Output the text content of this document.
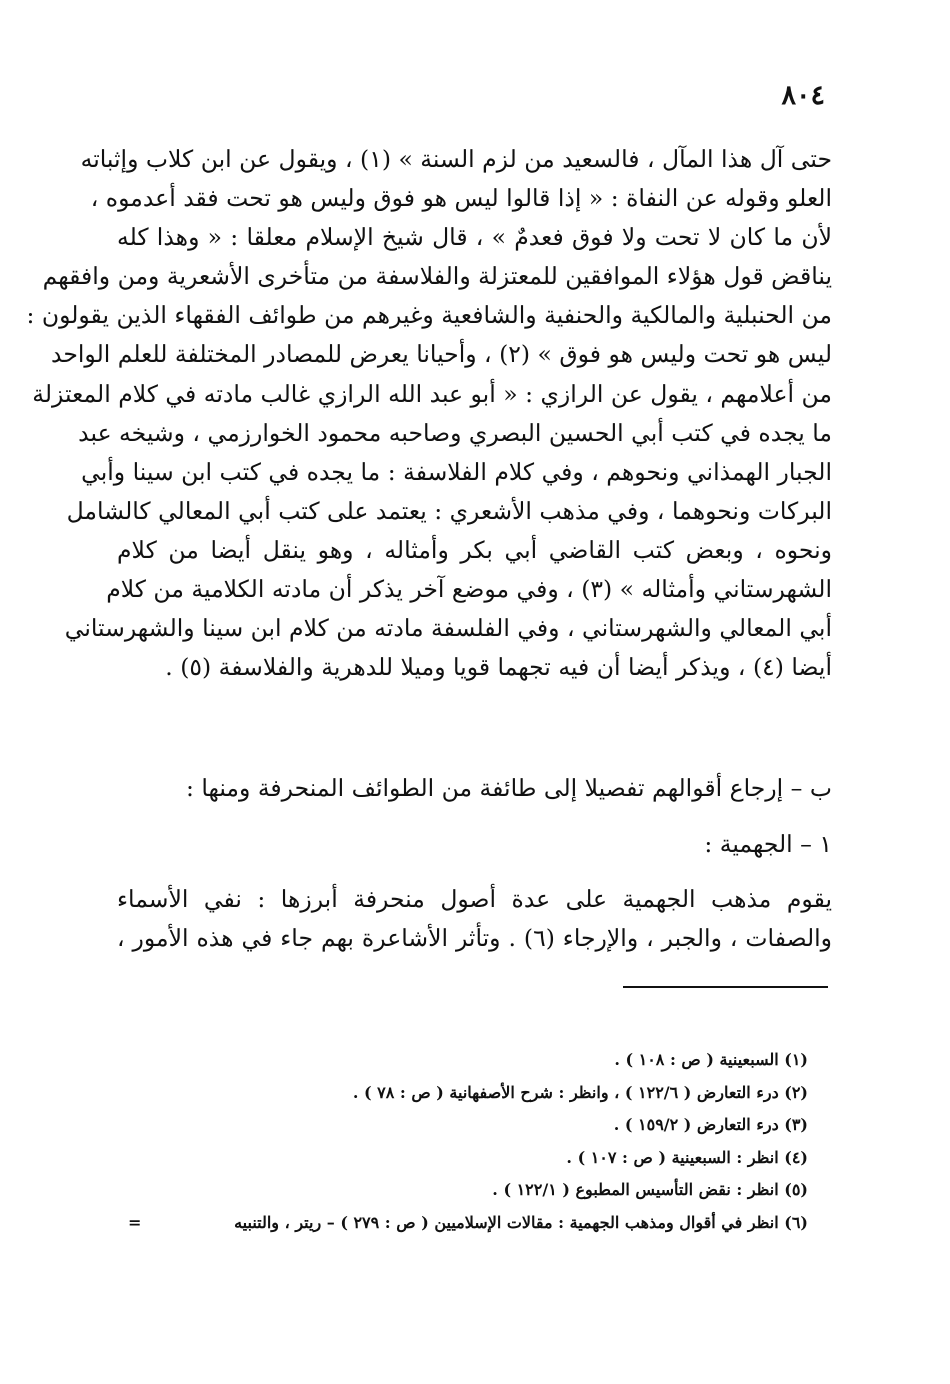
٨٠٤
حتى آل هذا المآل ، فالسعيد من لزم السنة » (١) ، ويقول عن ابن كلاب وإثباته
العلو وقوله عن النفاة : « إذا قالوا ليس هو فوق وليس هو تحت فقد أعدموه ،
لأن ما كان لا تحت ولا فوق فعدمٌ » ، قال شيخ الإسلام معلقا : « وهذا كله
يناقض قول هؤلاء الموافقين للمعتزلة والفلاسفة من متأخرى الأشعرية ومن وافقهم
من الحنبلية والمالكية والحنفية والشافعية وغيرهم من طوائف الفقهاء الذين يقولون :
ليس هو تحت وليس هو فوق » (٢) ، وأحيانا يعرض للمصادر المختلفة للعلم الواحد
من أعلامهم ، يقول عن الرازي : « أبو عبد الله الرازي غالب مادته في كلام المعتزلة
ما يجده في كتب أبي الحسين البصري وصاحبه محمود الخوارزمي ، وشيخه عبد
الجبار الهمذاني ونحوهم ، وفي كلام الفلاسفة : ما يجده في كتب ابن سينا وأبي
البركات ونحوهما ، وفي مذهب الأشعري : يعتمد على كتب أبي المعالي كالشامل
ونحوه ، وبعض كتب القاضي أبي بكر وأمثاله ، وهو ينقل أيضا من كلام
الشهرستاني وأمثاله » (٣) ، وفي موضع آخر يذكر أن مادته الكلامية من كلام
أبي المعالي والشهرستاني ، وفي الفلسفة مادته من كلام ابن سينا والشهرستاني
أيضا (٤) ، ويذكر أيضا أن فيه تجهما قويا وميلا للدهرية والفلاسفة (٥) .
ب – إرجاع أقوالهم تفصيلا إلى طائفة من الطوائف المنحرفة ومنها :
١ – الجهمية :
يقوم مذهب الجهمية على عدة أصول منحرفة أبرزها : نفي الأسماء
والصفات ، والجبر ، والإرجاء (٦) . وتأثر الأشاعرة بهم جاء في هذه الأمور ،
(١) السبعينية ( ص : ١٠٨ ) .
(٢) درء التعارض ( ١٢٢/٦ ) ، وانظر : شرح الأصفهانية ( ص : ٧٨ ) .
(٣) درء التعارض ( ١٥٩/٢ ) .
(٤) انظر : السبعينية ( ص : ١٠٧ ) .
(٥) انظر : نقض التأسيس المطبوع ( ١٢٢/١ ) .
(٦) انظر في أقوال ومذهب الجهمية : مقالات الإسلاميين ( ص : ٢٧٩ ) – ريتر ، والتنبيه
=
